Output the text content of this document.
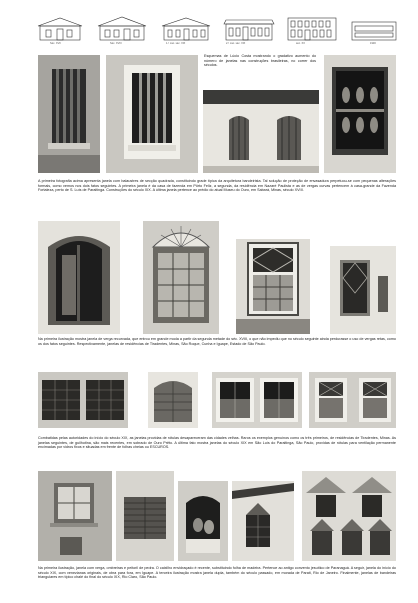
Séc. XVII	Séc. XVIII	1.ª met. séc. XIX	2.ª met. séc. XIX	séc. XX	1930

Esquemas de Lúcio Costa mostrando o gradativo aumento do número de janelas nas construções brasileiras, no correr dos séculos.

A primeira fotografia acima apresenta janela com balaustres de secção quadrada, constituindo grade típica da arquitetura bandeirista. Tal solução de proteção de envasadura perpetuou-se com pequenas alterações formais, como vemos nos dois fatos seguintes. A primeira janela é da casa de fazenda em Pôrto Feliz, a segunda, da residência em Nazaré Paulista e as de vergas curvas pertencem à casa-grande da Fazenda Fortaleza, perto de S. Luís de Paraitinga. Construções do século XIX. A última janela pertence ao prédio do atual Museu do Ouro, em Sabará, Minas, século XVIII.

Na primeira ilustração mostra janela de verga recurvada, que entrou em grande moda a partir da segunda metade do séc. XVIII, o que não impediu que no século seguinte ainda perdurasse o uso de vergas retas, como os dos fatos seguintes. Respectivamente, janelas de residências de Tiradentes, Minas, São Roque, Cunha e Iguape, Estado de São Paulo.

Combatidas pelas autoridades do início do século XIX, as janelas providas de rótulas desapareceram das cidades velhas. Raros os exemplos genuínos como os três primeiros, de residências de Tiradentes, Minas. As janelas seguintes, de guilhotina, são mais recentes, em sobrado de Ouro Prêto. A última fato mostra janelas do século XIX em São Luís do Paraitinga, São Paulo, providas de rótulas para ventilação permanente encimadas por vidros fixos e situadas em frente de folhas cheias ou ESCUROS.

Na primeira ilustração, janela com verga, ombreiras e peitoril de pedra. O caixilho envidraçado é recente, substituindo folha de madeira. Pertence ao antigo convento jesuítico de Paranaguá. A seguir, janela do início do século XIX, com venezianas originais, de obra para fora, em Iguape. A terceira ilustração mostra janela dupla, também do século passado, em morada de Parati, Rio de Janeiro. Finalmente, janelas de bandeiras triangulares em típico chalé do final do século XIX, Rio Claro, São Paulo.
